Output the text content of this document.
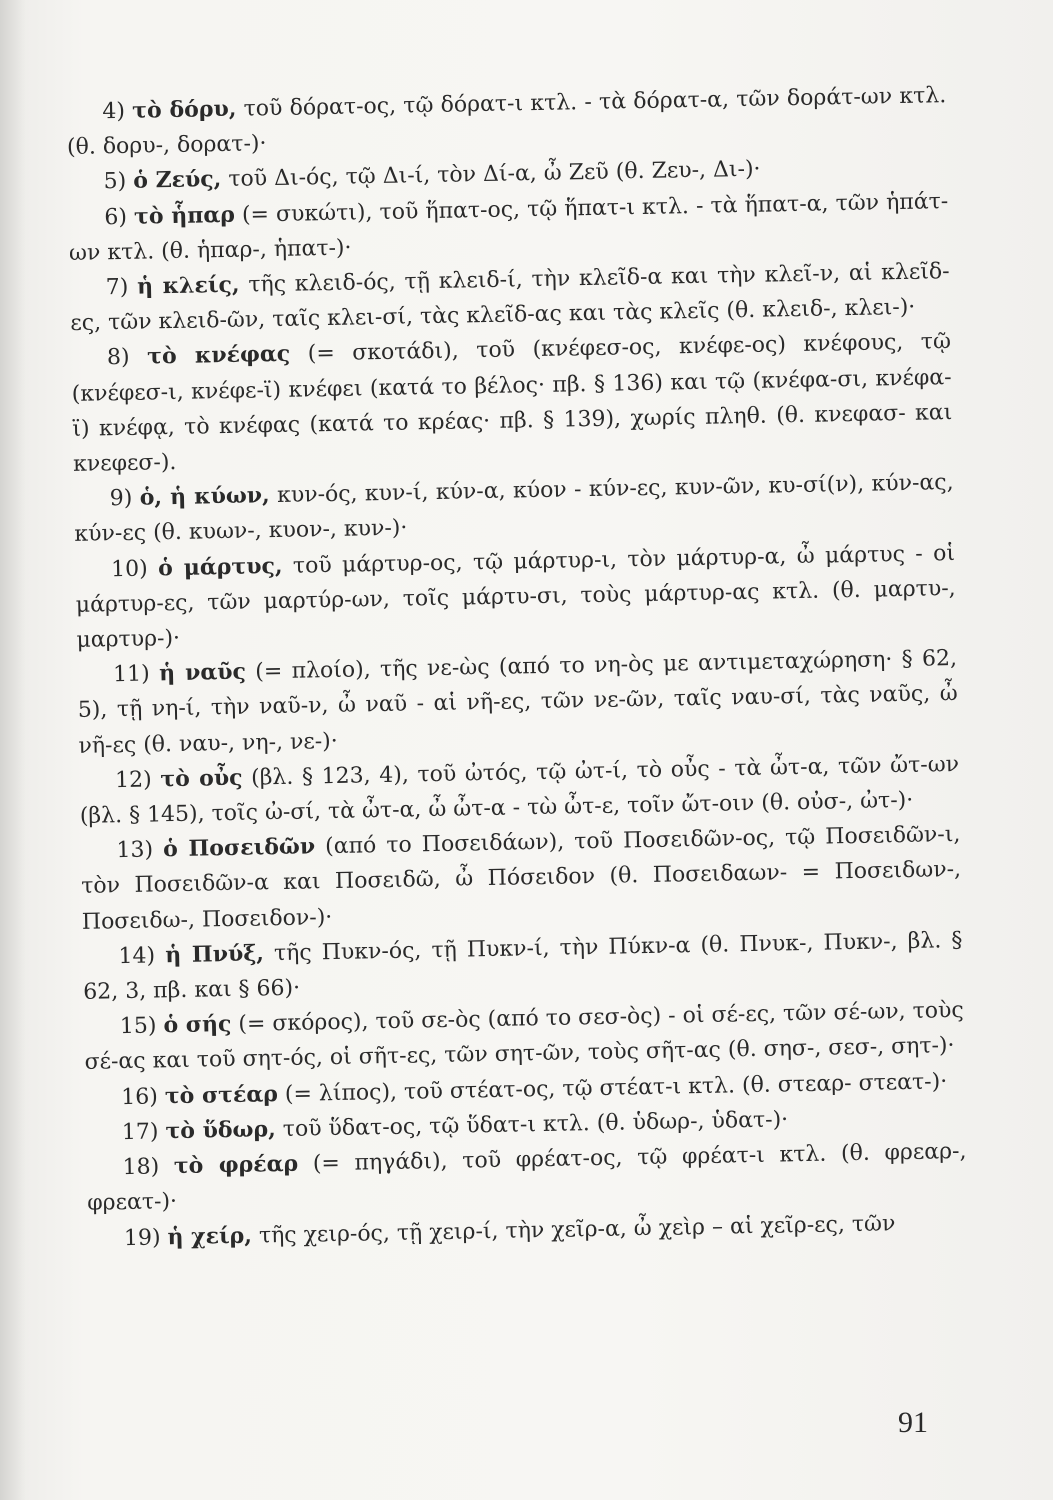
4) τὸ δόρυ, τοῦ δόρατ-ος, τῷ δόρατ-ι κτλ. - τὰ δόρατ-α, τῶν δοράτ-ων κτλ. (θ. δορυ-, δορατ-)·

5) ὁ Ζεύς, τοῦ Δι-ός, τῷ Δι-ί, τὸν Δί-α, ὦ Ζεῦ (θ. Ζευ-, Δι-)·

6) τὸ ἧπαρ (= συκώτι), τοῦ ἥπατ-ος, τῷ ἥπατ-ι κτλ. - τὰ ἥπατ-α, τῶν ἡπάτ-ων κτλ. (θ. ἡπαρ-, ἡπατ-)·

7) ἡ κλείς, τῆς κλειδ-ός, τῇ κλειδ-ί, τὴν κλεῖδ-α και τὴν κλεῖ-ν, αἱ κλεῖδ-ες, τῶν κλειδ-ῶν, ταῖς κλει-σί, τὰς κλεῖδ-ας και τὰς κλεῖς (θ. κλειδ-, κλει-)·

8) τὸ κνέφας (= σκοτάδι), τοῦ (κνέφεσ-ος, κνέφε-ος) κνέφους, τῷ (κνέφεσ-ι, κνέφε-ϊ) κνέφει (κατά το βέλος· πβ. § 136) και τῷ (κνέφα-σι, κνέφα-ϊ) κνέφᾳ, τὸ κνέφας (κατά το κρέας· πβ. § 139), χωρίς πληθ. (θ. κνεφασ- και κνεφεσ-).

9) ὁ, ἡ κύων, κυν-ός, κυν-ί, κύν-α, κύον - κύν-ες, κυν-ῶν, κυ-σί(ν), κύν-ας, κύν-ες (θ. κυων-, κυον-, κυν-)·

10) ὁ μάρτυς, τοῦ μάρτυρ-ος, τῷ μάρτυρ-ι, τὸν μάρτυρ-α, ὦ μάρτυς - οἱ μάρτυρ-ες, τῶν μαρτύρ-ων, τοῖς μάρτυ-σι, τοὺς μάρτυρ-ας κτλ. (θ. μαρτυ-, μαρτυρ-)·

11) ἡ ναῦς (= πλοίο), τῆς νε-ὼς (από το νη-ὸς με αντιμεταχώρηση· § 62, 5), τῇ νη-ί, τὴν ναῦ-ν, ὦ ναῦ - αἱ νῆ-ες, τῶν νε-ῶν, ταῖς ναυ-σί, τὰς ναῦς, ὦ νῆ-ες (θ. ναυ-, νη-, νε-)·

12) τὸ οὖς (βλ. § 123, 4), τοῦ ὠτός, τῷ ὠτ-ί, τὸ οὖς - τὰ ὦτ-α, τῶν ὤτ-ων (βλ. § 145), τοῖς ὠ-σί, τὰ ὦτ-α, ὦ ὦτ-α - τὼ ὦτ-ε, τοῖν ὤτ-οιν (θ. οὐσ-, ὠτ-)·

13) ὁ Ποσειδῶν (από το Ποσειδάων), τοῦ Ποσειδῶν-ος, τῷ Ποσειδῶν-ι, τὸν Ποσειδῶν-α και Ποσειδῶ, ὦ Πόσειδον (θ. Ποσειδαων- = Ποσειδων-, Ποσειδω-, Ποσειδον-)·

14) ἡ Πνύξ, τῆς Πυκν-ός, τῇ Πυκν-ί, τὴν Πύκν-α (θ. Πνυκ-, Πυκν-, βλ. § 62, 3, πβ. και § 66)·

15) ὁ σής (= σκόρος), τοῦ σε-ὸς (από το σεσ-ὸς) - οἱ σέ-ες, τῶν σέ-ων, τοὺς σέ-ας και τοῦ σητ-ός, οἱ σῆτ-ες, τῶν σητ-ῶν, τοὺς σῆτ-ας (θ. σησ-, σεσ-, σητ-)·

16) τὸ στέαρ (= λίπος), τοῦ στέατ-ος, τῷ στέατ-ι κτλ. (θ. στεαρ- στεατ-)·

17) τὸ ὕδωρ, τοῦ ὕδατ-ος, τῷ ὕδατ-ι κτλ. (θ. ὑδωρ-, ὑδατ-)·

18) τὸ φρέαρ (= πηγάδι), τοῦ φρέατ-ος, τῷ φρέατ-ι κτλ. (θ. φρεαρ-, φρεατ-)·

19) ἡ χείρ, τῆς χειρ-ός, τῇ χειρ-ί, τὴν χεῖρ-α, ὦ χεὶρ – αἱ χεῖρ-ες, τῶν

91
